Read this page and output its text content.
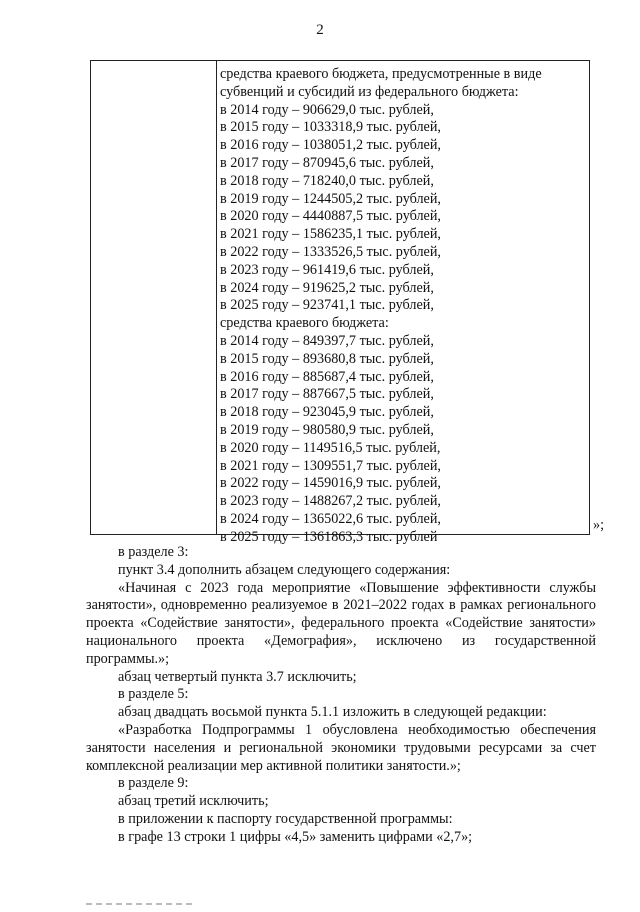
2
средства краевого бюджета, предусмотренные в виде
субвенций и субсидий из федерального бюджета:
в 2014 году – 906629,0 тыс. рублей,
в 2015 году – 1033318,9 тыс. рублей,
в 2016 году – 1038051,2 тыс. рублей,
в 2017 году – 870945,6 тыс. рублей,
в 2018 году – 718240,0 тыс. рублей,
в 2019 году – 1244505,2 тыс. рублей,
в 2020 году – 4440887,5 тыс. рублей,
в 2021 году – 1586235,1 тыс. рублей,
в 2022 году – 1333526,5 тыс. рублей,
в 2023 году – 961419,6 тыс. рублей,
в 2024 году – 919625,2 тыс. рублей,
в 2025 году – 923741,1 тыс. рублей,
средства краевого бюджета:
в 2014 году – 849397,7 тыс. рублей,
в 2015 году – 893680,8 тыс. рублей,
в 2016 году – 885687,4 тыс. рублей,
в 2017 году – 887667,5 тыс. рублей,
в 2018 году – 923045,9 тыс. рублей,
в 2019 году – 980580,9 тыс. рублей,
в 2020 году – 1149516,5 тыс. рублей,
в 2021 году – 1309551,7 тыс. рублей,
в 2022 году – 1459016,9 тыс. рублей,
в 2023 году – 1488267,2 тыс. рублей,
в 2024 году – 1365022,6 тыс. рублей,
в 2025 году – 1361863,3 тыс. рублей
»;

в разделе 3:

пункт 3.4 дополнить абзацем следующего содержания:

«Начиная с 2023 года мероприятие «Повышение эффективности службы занятости», одновременно реализуемое в 2021–2022 годах в рамках регионального проекта «Содействие занятости», федерального проекта «Содействие занятости» национального проекта «Демография», исключено из государственной программы.»;

абзац четвертый пункта 3.7 исключить;

в разделе 5:

абзац двадцать восьмой пункта 5.1.1 изложить в следующей редакции:

«Разработка Подпрограммы 1 обусловлена необходимостью обеспечения занятости населения и региональной экономики трудовыми ресурсами за счет комплексной реализации мер активной политики занятости.»;

в разделе 9:

абзац третий исключить;

в приложении к паспорту государственной программы:

в графе 13 строки 1 цифры «4,5» заменить цифрами «2,7»;
